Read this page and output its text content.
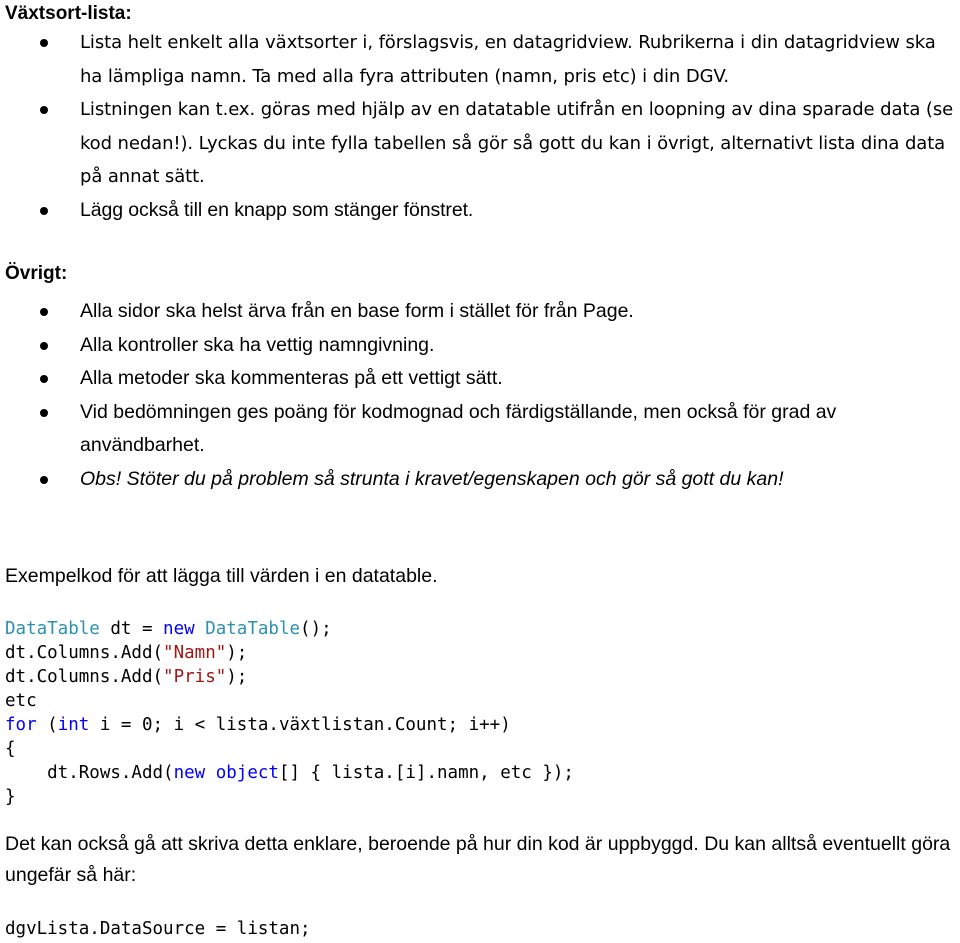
Växtsort-lista:
Lista helt enkelt alla växtsorter i, förslagsvis, en datagridview. Rubrikerna i din datagridview ska ha lämpliga namn. Ta med alla fyra attributen (namn, pris etc) i din DGV.
Listningen kan t.ex. göras med hjälp av en datatable utifrån en loopning av dina sparade data (se kod nedan!). Lyckas du inte fylla tabellen så gör så gott du kan i övrigt, alternativt lista dina data på annat sätt.
Lägg också till en knapp som stänger fönstret.
Övrigt:
Alla sidor ska helst ärva från en base form i stället för från Page.
Alla kontroller ska ha vettig namngivning.
Alla metoder ska kommenteras på ett vettigt sätt.
Vid bedömningen ges poäng för kodmognad och färdigställande, men också för grad av användbarhet.
Obs! Stöter du på problem så strunta i kravet/egenskapen och gör så gott du kan!
Exempelkod för att lägga till värden i en datatable.
DataTable dt = new DataTable();
dt.Columns.Add("Namn");
dt.Columns.Add("Pris");
etc
for (int i = 0; i < lista.växtlistan.Count; i++)
{
dt.Rows.Add(new object[] { lista.[i].namn, etc });
}
Det kan också gå att skriva detta enklare, beroende på hur din kod är uppbyggd. Du kan alltså eventuellt göra ungefär så här:
dgvLista.DataSource = listan;
